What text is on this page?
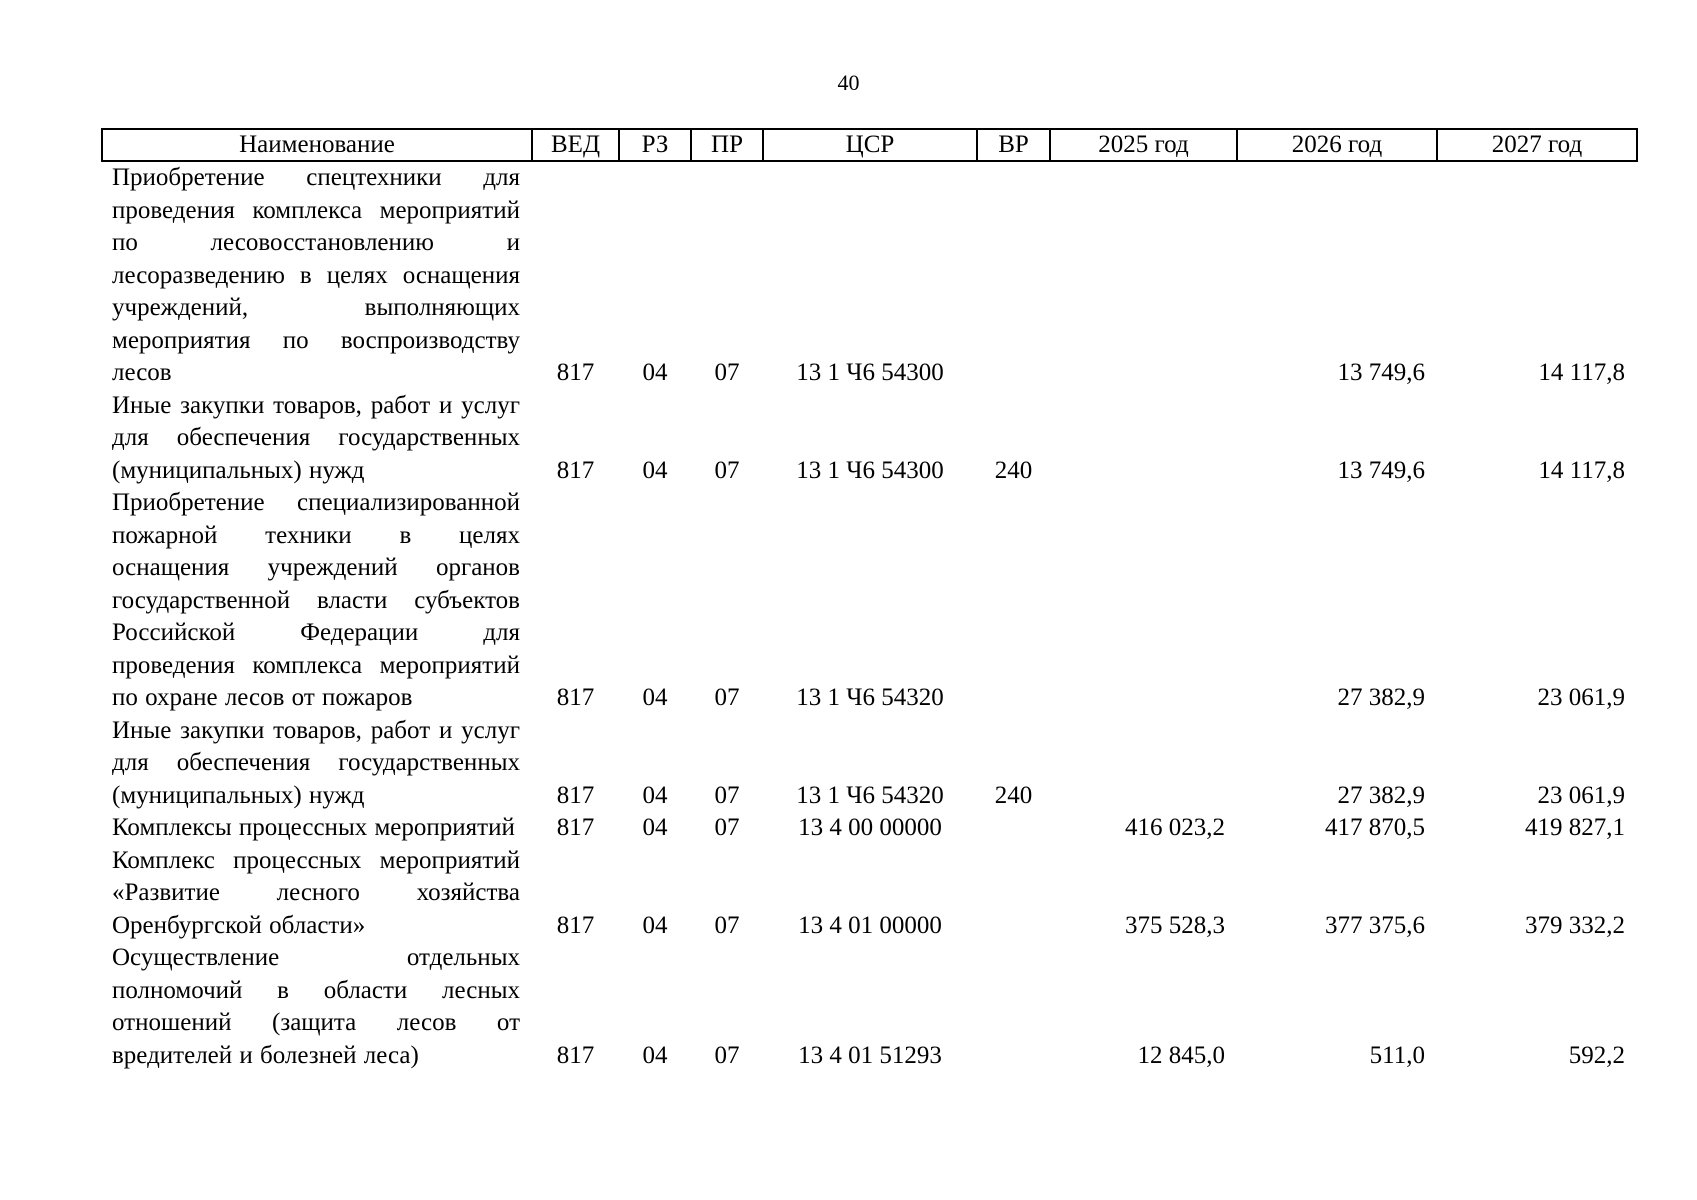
40
Наименование	ВЕД	РЗ	ПР	ЦСР	ВР	2025 год	2026 год	2027 год
Приобретение спецтехники для проведения комплекса мероприятий по лесовосстановлению и лесоразведению в целях оснащения учреждений, выполняющих мероприятия по воспроизводству лесов	817	04	07	13 1 Ч6 54300			13 749,6	14 117,8
Иные закупки товаров, работ и услуг для обеспечения государственных (муниципальных) нужд	817	04	07	13 1 Ч6 54300	240		13 749,6	14 117,8
Приобретение специализированной пожарной техники в целях оснащения учреждений органов государственной власти субъектов Российской Федерации для проведения комплекса мероприятий по охране лесов от пожаров	817	04	07	13 1 Ч6 54320			27 382,9	23 061,9
Иные закупки товаров, работ и услуг для обеспечения государственных (муниципальных) нужд	817	04	07	13 1 Ч6 54320	240		27 382,9	23 061,9
Комплексы процессных мероприятий	817	04	07	13 4 00 00000		416 023,2	417 870,5	419 827,1
Комплекс процессных мероприятий «Развитие лесного хозяйства Оренбургской области»	817	04	07	13 4 01 00000		375 528,3	377 375,6	379 332,2
Осуществление отдельных полномочий в области лесных отношений (защита лесов от вредителей и болезней леса)	817	04	07	13 4 01 51293		12 845,0	511,0	592,2
